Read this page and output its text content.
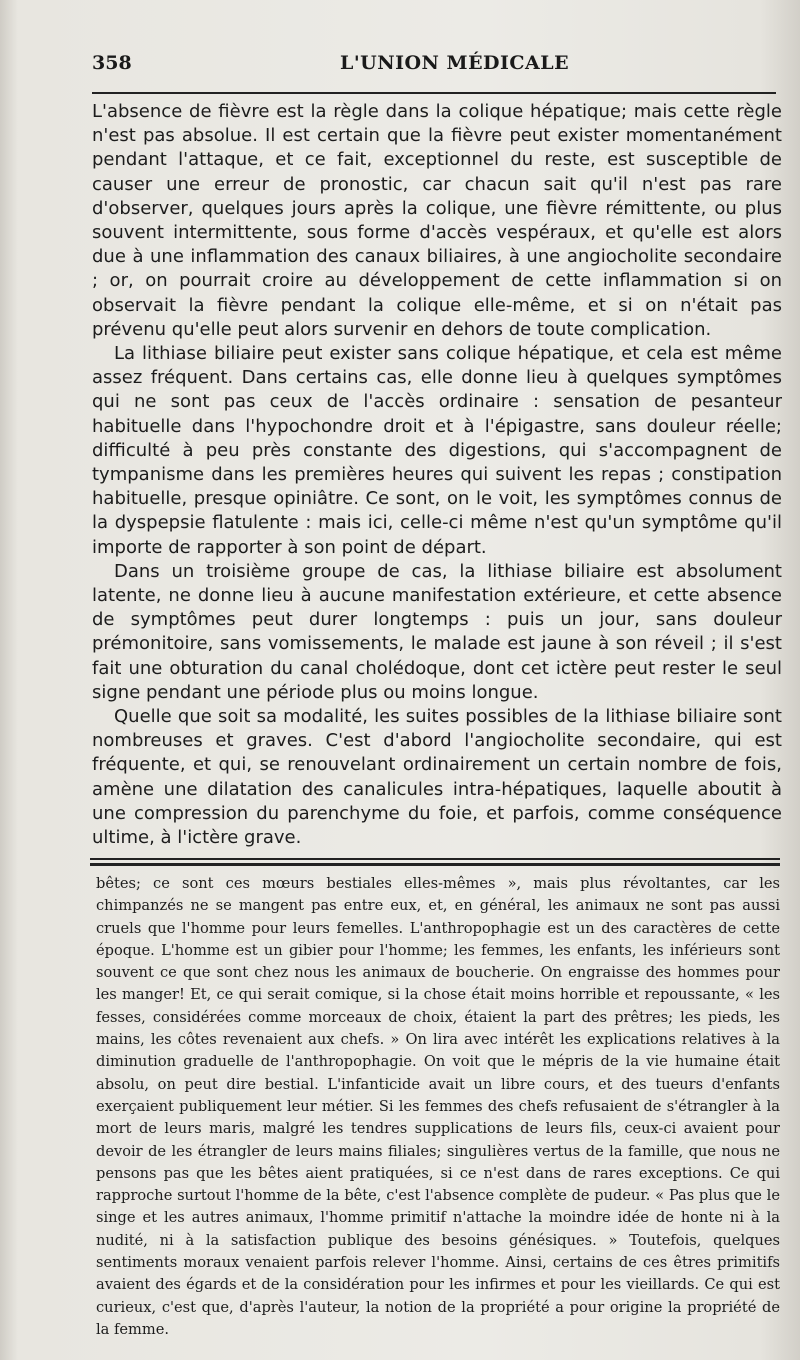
358	L'UNION MÉDICALE

L'absence de fièvre est la règle dans la colique hépatique; mais cette règle n'est pas absolue. Il est certain que la fièvre peut exister momentanément pendant l'attaque, et ce fait, exceptionnel du reste, est susceptible de causer une erreur de pronostic, car chacun sait qu'il n'est pas rare d'observer, quelques jours après la colique, une fièvre rémittente, ou plus souvent intermittente, sous forme d'accès vespéraux, et qu'elle est alors due à une inflammation des canaux biliaires, à une angiocholite secondaire ; or, on pourrait croire au développement de cette inflammation si on observait la fièvre pendant la colique elle-même, et si on n'était pas prévenu qu'elle peut alors survenir en dehors de toute complication.

La lithiase biliaire peut exister sans colique hépatique, et cela est même assez fréquent. Dans certains cas, elle donne lieu à quelques symptômes qui ne sont pas ceux de l'accès ordinaire : sensation de pesanteur habituelle dans l'hypochondre droit et à l'épigastre, sans douleur réelle; difficulté à peu près constante des digestions, qui s'accompagnent de tympanisme dans les premières heures qui suivent les repas ; constipation habituelle, presque opiniâtre. Ce sont, on le voit, les symptômes connus de la dyspepsie flatulente : mais ici, celle-ci même n'est qu'un symptôme qu'il importe de rapporter à son point de départ.

Dans un troisième groupe de cas, la lithiase biliaire est absolument latente, ne donne lieu à aucune manifestation extérieure, et cette absence de symptômes peut durer longtemps : puis un jour, sans douleur prémonitoire, sans vomissements, le malade est jaune à son réveil ; il s'est fait une obturation du canal cholédoque, dont cet ictère peut rester le seul signe pendant une période plus ou moins longue.

Quelle que soit sa modalité, les suites possibles de la lithiase biliaire sont nombreuses et graves. C'est d'abord l'angiocholite secondaire, qui est fréquente, et qui, se renouvelant ordinairement un certain nombre de fois, amène une dilatation des canalicules intra-hépatiques, laquelle aboutit à une compression du parenchyme du foie, et parfois, comme conséquence ultime, à l'ictère grave.

bêtes; ce sont ces mœurs bestiales elles-mêmes », mais plus révoltantes, car les chimpanzés ne se mangent pas entre eux, et, en général, les animaux ne sont pas aussi cruels que l'homme pour leurs femelles. L'anthropophagie est un des caractères de cette époque. L'homme est un gibier pour l'homme; les femmes, les enfants, les inférieurs sont souvent ce que sont chez nous les animaux de boucherie. On engraisse des hommes pour les manger! Et, ce qui serait comique, si la chose était moins horrible et repoussante, « les fesses, considérées comme morceaux de choix, étaient la part des prêtres; les pieds, les mains, les côtes revenaient aux chefs. » On lira avec intérêt les explications relatives à la diminution graduelle de l'anthropophagie. On voit que le mépris de la vie humaine était absolu, on peut dire bestial. L'infanticide avait un libre cours, et des tueurs d'enfants exerçaient publiquement leur métier. Si les femmes des chefs refusaient de s'étrangler à la mort de leurs maris, malgré les tendres supplications de leurs fils, ceux-ci avaient pour devoir de les étrangler de leurs mains filiales; singulières vertus de la famille, que nous ne pensons pas que les bêtes aient pratiquées, si ce n'est dans de rares exceptions. Ce qui rapproche surtout l'homme de la bête, c'est l'absence complète de pudeur. « Pas plus que le singe et les autres animaux, l'homme primitif n'attache la moindre idée de honte ni à la nudité, ni à la satisfaction publique des besoins génésiques. » Toutefois, quelques sentiments moraux venaient parfois relever l'homme. Ainsi, certains de ces êtres primitifs avaient des égards et de la considération pour les infirmes et pour les vieillards. Ce qui est curieux, c'est que, d'après l'auteur, la notion de la propriété a pour origine la propriété de la femme.
